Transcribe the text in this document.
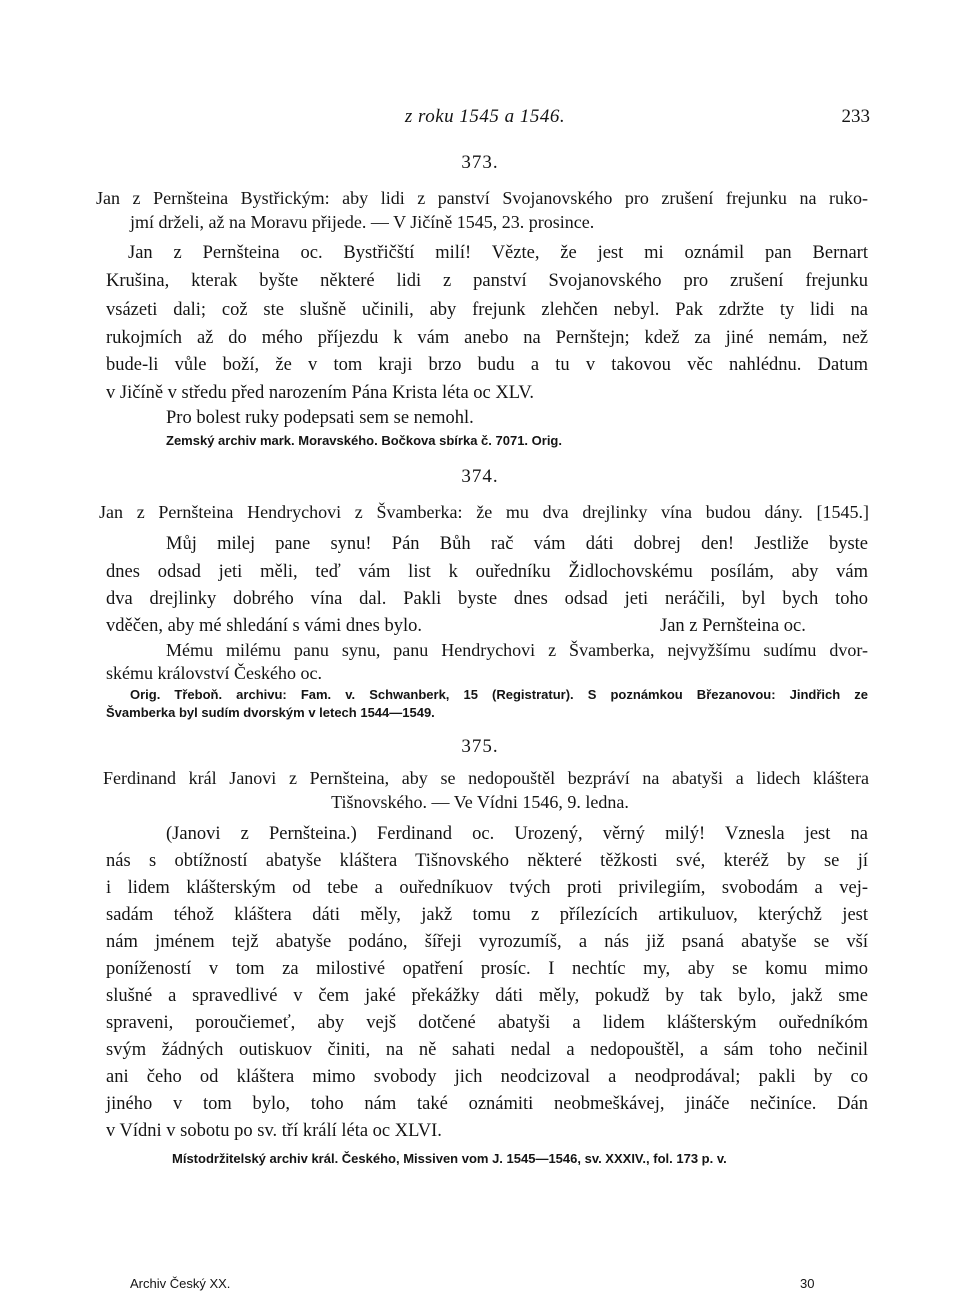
z roku 1545 a 1546.	233
373.
Jan z Pernšteina Bystřickým: aby lidi z panství Svojanovského pro zrušení frejunku na ruko-
jmí drželi, až na Moravu přijede. — V Jičíně 1545, 23. prosince.
Jan z Pernšteina oc. Bystřičští milí! Vězte, že jest mi oznámil pan Bernart
Krušina, kterak byšte některé lidi z panství Svojanovského pro zrušení frejunku
vsázeti dali; což ste slušně učinili, aby frejunk zlehčen nebyl. Pak zdržte ty lidi na
rukojmích až do mého příjezdu k vám anebo na Pernštejn; kdež za jiné nemám, než
bude-li vůle boží, že v tom kraji brzo budu a tu v takovou věc nahlédnu. Datum
v Jičíně v středu před narozením Pána Krista léta oc XLV.
Pro bolest ruky podepsati sem se nemohl.
Zemský archiv mark. Moravského. Bočkova sbírka č. 7071. Orig.
374.
Jan z Pernšteina Hendrychovi z Švamberka: že mu dva drejlinky vína budou dány. [1545.]
Můj milej pane synu! Pán Bůh rač vám dáti dobrej den! Jestliže byste
dnes odsad jeti měli, teď vám list k ouředníku Židlochovskému posílám, aby vám
dva drejlinky dobrého vína dal. Pakli byste dnes odsad jeti neráčili, byl bych toho
vděčen, aby mé shledání s vámi dnes bylo.	Jan z Pernšteina oc.
Mému milému panu synu, panu Hendrychovi z Švamberka, nejvyžšímu sudímu dvor-
skému království Českého oc.
Orig. Třeboň. archivu: Fam. v. Schwanberk, 15 (Registratur). S poznámkou Březanovou: Jindřich ze
Švamberka byl sudím dvorským v letech 1544—1549.
375.
Ferdinand král Janovi z Pernšteina, aby se nedopouštěl bezpráví na abatyši a lidech kláštera
Tišnovského. — Ve Vídni 1546, 9. ledna.
(Janovi z Pernšteina.) Ferdinand oc. Urozený, věrný milý! Vznesla jest na
nás s obtížností abatyše kláštera Tišnovského některé těžkosti své, kteréž by se jí
i lidem klášterským od tebe a ouředníkuov tvých proti privilegiím, svobodám a vej-
sadám téhož kláštera dáti měly, jakž tomu z přílezících artikuluov, kterýchž jest
nám jménem tejž abatyše podáno, šířeji vyrozumíš, a nás již psaná abatyše se vší
ponížeností v tom za milostivé opatření prosíc. I nechtíc my, aby se komu mimo
slušné a spravedlivé v čem jaké překážky dáti měly, pokudž by tak bylo, jakž sme
spraveni, poroučiemeť, aby vejš dotčené abatyši a lidem klášterským ouředníkóm
svým žádných outiskuov činiti, na ně sahati nedal a nedopouštěl, a sám toho nečinil
ani čeho od kláštera mimo svobody jich neodcizoval a neodprodával; pakli by co
jiného v tom bylo, toho nám také oznámiti neobmeškávej, jináče nečiníce. Dán
v Vídni v sobotu po sv. tří králí léta oc XLVI.
Místodržitelský archiv král. Českého, Missiven vom J. 1545—1546, sv. XXXIV., fol. 173 p. v.
Archiv Český XX.	30
